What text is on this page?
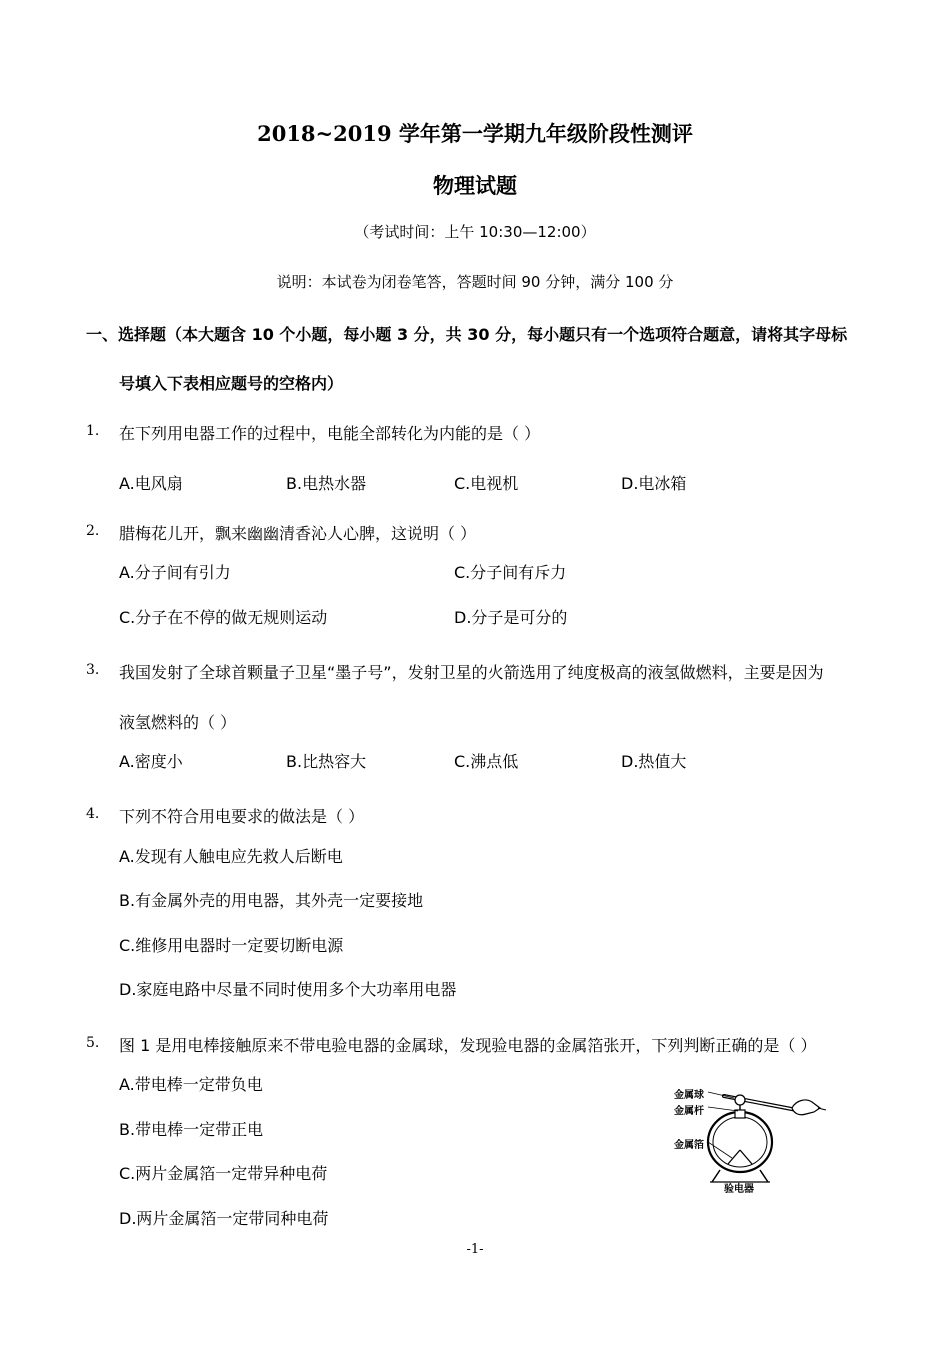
2018~2019 学年第一学期九年级阶段性测评
物理试题
（考试时间：上午 10:30—12:00）
说明：本试卷为闭卷笔答，答题时间 90 分钟，满分 100 分
一、选择题（本大题含 10 个小题，每小题 3 分，共 30 分，每小题只有一个选项符合题意，请将其字母标
号填入下表相应题号的空格内）
1. 在下列用电器工作的过程中，电能全部转化为内能的是（ ）
A.电风扇	B.电热水器	C.电视机	D.电冰箱
2. 腊梅花儿开，飘来幽幽清香沁人心脾，这说明（ ）
A.分子间有引力	C.分子间有斥力
C.分子在不停的做无规则运动	D.分子是可分的
3. 我国发射了全球首颗量子卫星“墨子号”，发射卫星的火箭选用了纯度极高的液氢做燃料，主要是因为
液氢燃料的（ ）
A.密度小	B.比热容大	C.沸点低	D.热值大
4. 下列不符合用电要求的做法是（ ）
A.发现有人触电应先救人后断电
B.有金属外壳的用电器，其外壳一定要接地
C.维修用电器时一定要切断电源
D.家庭电路中尽量不同时使用多个大功率用电器
5. 图 1 是用电棒接触原来不带电验电器的金属球，发现验电器的金属箔张开，下列判断正确的是（ ）
A.带电棒一定带负电
B.带电棒一定带正电
C.两片金属箔一定带异种电荷
D.两片金属箔一定带同种电荷
金属球
金属杆
金属箔
验电器
-1-
